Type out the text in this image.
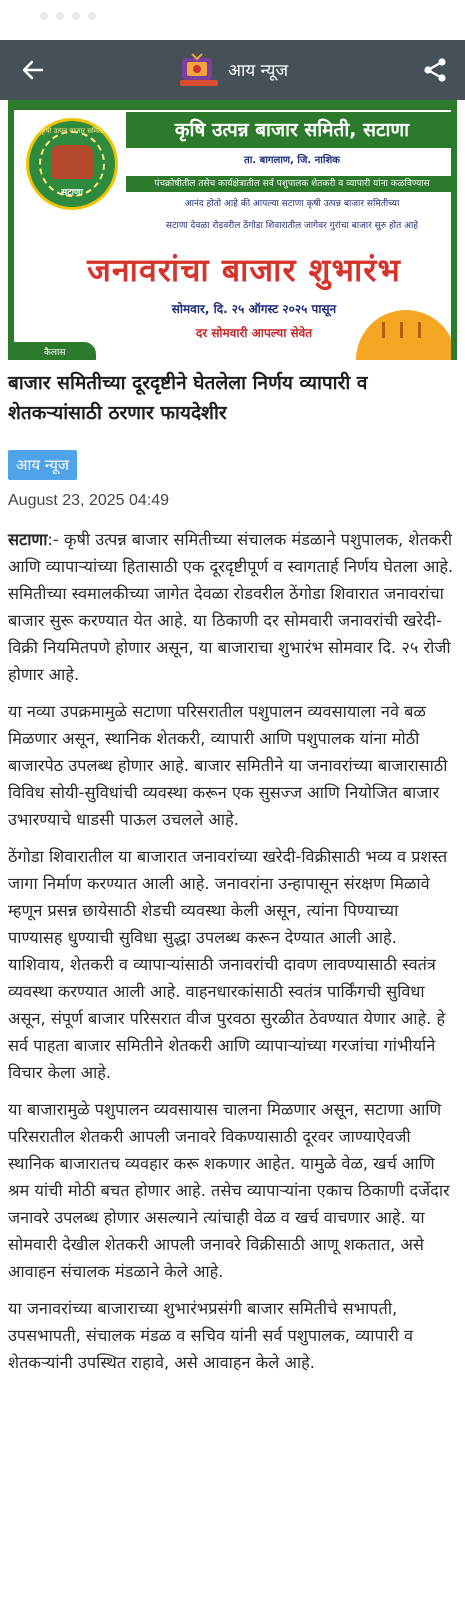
आय न्यूज
कृषी उत्पन्न बाजार समिती
सटाणा
कृषि उत्पन्न बाजार समिती, सटाणा
ता. बागलाण, जि. नाशिक
पंचक्रोषीतील तसेच कार्यक्षेत्रातील सर्व पशुपालक शेतकरी व व्यापारी यांना कळविण्यास
आनंद होतो आहे की आपल्या सटाणा कृषी उत्पन्न बाजार समितीच्या
सटाणा देवळा रोडवरील ठेंगोडा शिवारातील जागेवर गुरांचा बाजार सुरु होत आहे
जनावरांचा बाजार शुभारंभ
सोमवार, दि. २५ ऑगस्ट २०२५ पासून
दर सोमवारी आपल्या सेवेत
कैलास
बाजार समितीच्या दूरदृष्टीने घेतलेला निर्णय व्यापारी व शेतकऱ्यांसाठी ठरणार फायदेशीर
आय न्यूज
August 23, 2025 04:49

सटाणा:- कृषी उत्पन्न बाजार समितीच्या संचालक मंडळाने पशुपालक, शेतकरी आणि व्यापाऱ्यांच्या हितासाठी एक दूरदृष्टीपूर्ण व स्वागतार्ह निर्णय घेतला आहे. समितीच्या स्वमालकीच्या जागेत देवळा रोडवरील ठेंगोडा शिवारात जनावरांचा बाजार सुरू करण्यात येत आहे. या ठिकाणी दर सोमवारी जनावरांची खरेदी-विक्री नियमितपणे होणार असून, या बाजाराचा शुभारंभ सोमवार दि. २५ रोजी होणार आहे.

या नव्या उपक्रमामुळे सटाणा परिसरातील पशुपालन व्यवसायाला नवे बळ मिळणार असून, स्थानिक शेतकरी, व्यापारी आणि पशुपालक यांना मोठी बाजारपेठ उपलब्ध होणार आहे. बाजार समितीने या जनावरांच्या बाजारासाठी विविध सोयी-सुविधांची व्यवस्था करून एक सुसज्ज आणि नियोजित बाजार उभारण्याचे धाडसी पाऊल उचलले आहे.

ठेंगोडा शिवारातील या बाजारात जनावरांच्या खरेदी-विक्रीसाठी भव्य व प्रशस्त जागा निर्माण करण्यात आली आहे. जनावरांना उन्हापासून संरक्षण मिळावे म्हणून प्रसन्न छायेसाठी शेडची व्यवस्था केली असून, त्यांना पिण्याच्या पाण्यासह धुण्याची सुविधा सुद्धा उपलब्ध करून देण्यात आली आहे. याशिवाय, शेतकरी व व्यापाऱ्यांसाठी जनावरांची दावण लावण्यासाठी स्वतंत्र व्यवस्था करण्यात आली आहे. वाहनधारकांसाठी स्वतंत्र पार्किंगची सुविधा असून, संपूर्ण बाजार परिसरात वीज पुरवठा सुरळीत ठेवण्यात येणार आहे. हे सर्व पाहता बाजार समितीने शेतकरी आणि व्यापाऱ्यांच्या गरजांचा गांभीर्याने विचार केला आहे.

या बाजारामुळे पशुपालन व्यवसायास चालना मिळणार असून, सटाणा आणि परिसरातील शेतकरी आपली जनावरे विकण्यासाठी दूरवर जाण्याऐवजी स्थानिक बाजारातच व्यवहार करू शकणार आहेत. यामुळे वेळ, खर्च आणि श्रम यांची मोठी बचत होणार आहे. तसेच व्यापाऱ्यांना एकाच ठिकाणी दर्जेदार जनावरे उपलब्ध होणार असल्याने त्यांचाही वेळ व खर्च वाचणार आहे. या सोमवारी देखील शेतकरी आपली जनावरे विक्रीसाठी आणू शकतात, असे आवाहन संचालक मंडळाने केले आहे.

या जनावरांच्या बाजाराच्या शुभारंभप्रसंगी बाजार समितीचे सभापती, उपसभापती, संचालक मंडळ व सचिव यांनी सर्व पशुपालक, व्यापारी व शेतकऱ्यांनी उपस्थित राहावे, असे आवाहन केले आहे.
